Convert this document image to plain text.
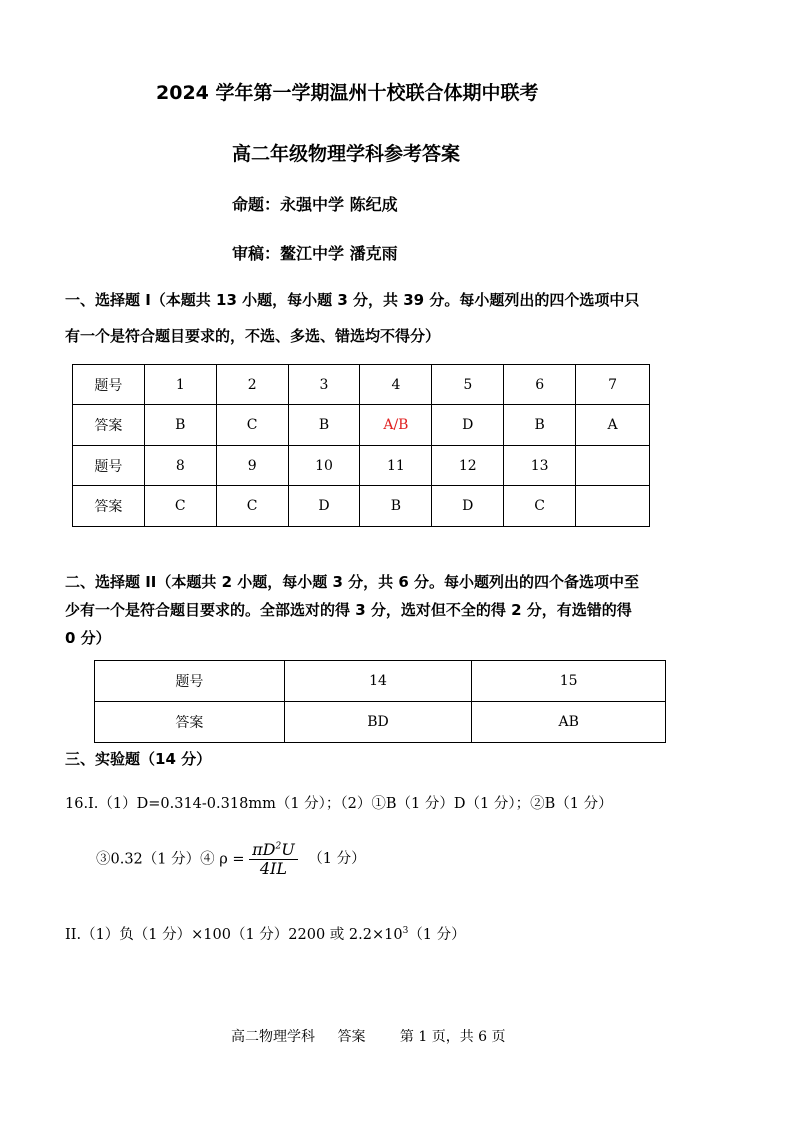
2024 学年第一学期温州十校联合体期中联考
高二年级物理学科参考答案
命题：永强中学 陈纪成
审稿：鳌江中学 潘克雨
一、选择题 I（本题共 13 小题，每小题 3 分，共 39 分。每小题列出的四个选项中只
有一个是符合题目要求的，不选、多选、错选均不得分）
题号	1	2	3	4	5	6	7
答案	B	C	B	A/B	D	B	A
题号	8	9	10	11	12	13	
答案	C	C	D	B	D	C	
二、选择题 II（本题共 2 小题，每小题 3 分，共 6 分。每小题列出的四个备选项中至
少有一个是符合题目要求的。全部选对的得 3 分，选对但不全的得 2 分，有选错的得
0 分）
题号	14	15
答案	BD	AB
三、实验题（14 分）
16.I.（1）D=0.314-0.318mm（1 分）；（2）①B（1 分）D（1 分）；②B（1 分）
③0.32（1 分）④ $\rho = \frac{\pi D^2U}{4IL} (1$ 分）
II.（1）负（1 分）×100（1 分）2200 或 $2.2\times 10^3(1$ 分）
高二物理学科 答案 第 1 页，共 6 页
